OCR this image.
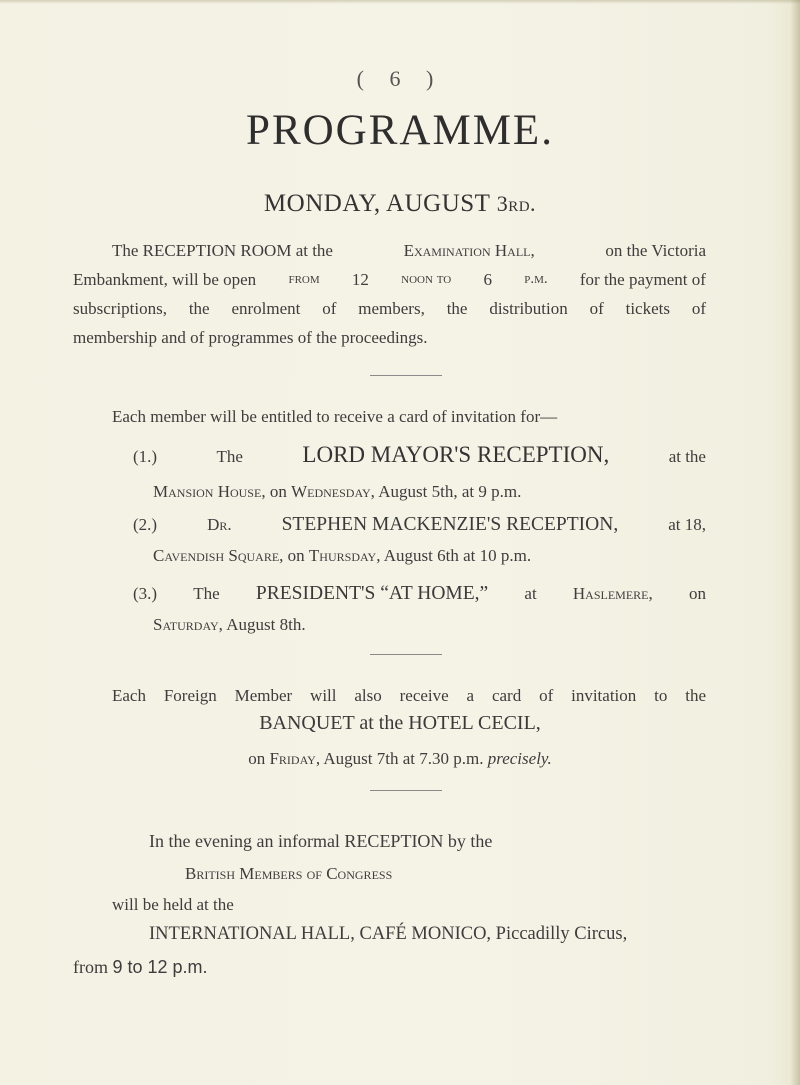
( 6 )
PROGRAMME.
MONDAY, AUGUST 3rd.
The RECEPTION ROOM at the	Examination Hall,	on the Victoria
Embankment, will be open from 12 noon to 6 p.m. for the payment of
subscriptions, the enrolment of members, the distribution of tickets of
membership and of programmes of the proceedings.
Each member will be entitled to receive a card of invitation for—
(1.)	The	LORD MAYOR'S RECEPTION,	at the
Mansion House, on Wednesday, August 5th, at 9 p.m.
(2.)	Dr.	STEPHEN MACKENZIE'S RECEPTION,	at 18,
Cavendish Square, on Thursday, August 6th at 10 p.m.
(3.) The PRESIDENT'S “AT HOME,” at Haslemere, on
Saturday, August 8th.
Each Foreign Member will also receive a card of invitation to the
BANQUET at the HOTEL CECIL,
on Friday, August 7th at 7.30 p.m. precisely.
In the evening an informal RECEPTION by the
British Members of Congress
will be held at the
INTERNATIONAL HALL, CAFÉ MONICO, Piccadilly Circus,
from 9 to 12 p.m.
